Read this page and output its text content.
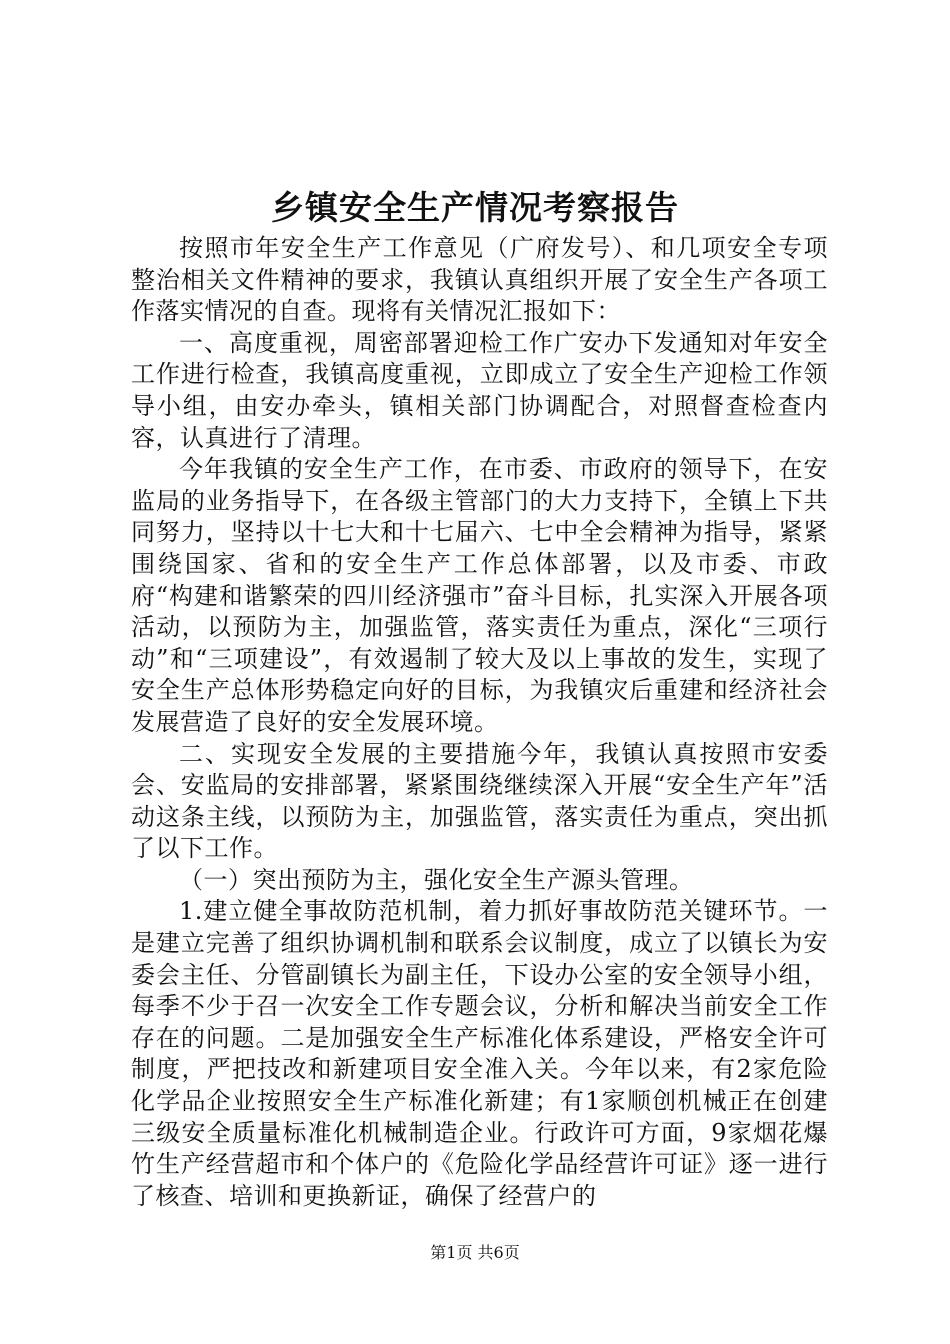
乡镇安全生产情况考察报告

按照市年安全生产工作意见（广府发号）、和几项安全专项整治相关文件精神的要求，我镇认真组织开展了安全生产各项工作落实情况的自查。现将有关情况汇报如下：

一、高度重视，周密部署迎检工作广安办下发通知对年安全工作进行检查，我镇高度重视，立即成立了安全生产迎检工作领导小组，由安办牵头，镇相关部门协调配合，对照督查检查内容，认真进行了清理。

今年我镇的安全生产工作，在市委、市政府的领导下，在安监局的业务指导下，在各级主管部门的大力支持下，全镇上下共同努力，坚持以十七大和十七届六、七中全会精神为指导，紧紧围绕国家、省和的安全生产工作总体部署，以及市委、市政府“构建和谐繁荣的四川经济强市”奋斗目标，扎实深入开展各项活动，以预防为主，加强监管，落实责任为重点，深化“三项行动”和“三项建设”，有效遏制了较大及以上事故的发生，实现了安全生产总体形势稳定向好的目标，为我镇灾后重建和经济社会发展营造了良好的安全发展环境。

二、实现安全发展的主要措施今年，我镇认真按照市安委会、安监局的安排部署，紧紧围绕继续深入开展“安全生产年”活动这条主线，以预防为主，加强监管，落实责任为重点，突出抓了以下工作。

（一）突出预防为主，强化安全生产源头管理。

1.建立健全事故防范机制，着力抓好事故防范关键环节。一是建立完善了组织协调机制和联系会议制度，成立了以镇长为安委会主任、分管副镇长为副主任，下设办公室的安全领导小组，每季不少于召一次安全工作专题会议，分析和解决当前安全工作存在的问题。二是加强安全生产标准化体系建设，严格安全许可制度，严把技改和新建项目安全准入关。今年以来，有2家危险化学品企业按照安全生产标准化新建；有1家顺创机械正在创建三级安全质量标准化机械制造企业。行政许可方面，9家烟花爆竹生产经营超市和个体户的《危险化学品经营许可证》逐一进行了核查、培训和更换新证，确保了经营户的

第1页 共6页
